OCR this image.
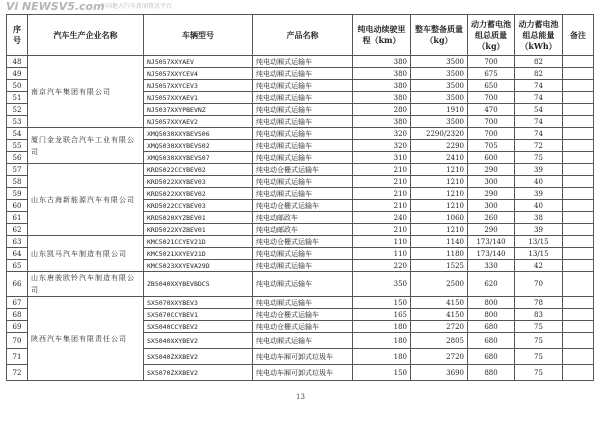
Vi NEWSV5.com
中国地方汽车新闻资讯平台
序号	汽车生产企业名称	车辆型号	产品名称	纯电动续驶里程（km）	整车整备质量（kg）	动力蓄电池组总质量（kg）	动力蓄电池组总能量（kWh）	备注
48	南京汽车集团有限公司	NJ5057XXYAEV	纯电动厢式运输车	380	3500	700	82	
49		NJ5057XXYCEV4	纯电动厢式运输车	380	3500	675	82	
50		NJ5057XXYCEV3	纯电动厢式运输车	380	3500	650	74	
51		NJ5057XXYAEV1	纯电动厢式运输车	380	3500	700	74	
52		NJ5037XXYPBEVNZ	纯电动厢式运输车	280	1910	470	54	
53		NJ5057XXYAEV2	纯电动厢式运输车	380	3500	700	74	
54	厦门金龙联合汽车工业有限公司	XMQ5030XXYBEVS06	纯电动厢式运输车	320	2290/2320	700	74	
55		XMQ5030XXYBEVS02	纯电动厢式运输车	320	2290	705	72	
56		XMQ5030XXYBEVS07	纯电动厢式运输车	310	2410	600	75	
57	山东古海新能源汽车有限公司	KRD5022CCYBEV02	纯电动仓栅式运输车	210	1210	290	39	
58		KRD5022XXYBEV03	纯电动厢式运输车	210	1210	300	40	
59		KRD5022XXYBEV02	纯电动厢式运输车	210	1210	290	39	
60		KRD5022CCYBEV03	纯电动仓栅式运输车	210	1210	300	40	
61		KRD5020XYZBEV01	纯电动邮政车	240	1060	260	38	
62		KRD5022XYZBEV01	纯电动邮政车	210	1210	290	39	
63	山东凯马汽车制造有限公司	KMC5021CCYEV21D	纯电动仓栅式运输车	110	1140	173/140	13/15	
64		KMC5021XXYEV21D	纯电动厢式运输车	110	1180	173/140	13/15	
65		KMC5023XXYEVA29D	纯电动厢式运输车	220	1525	330	42	
66	山东唐骏欧铃汽车制造有限公司	ZB5040XXYBEVBDC5	纯电动厢式运输车	350	2500	620	70	
67	陕西汽车集团有限责任公司	SX5070XXYBEV3	纯电动厢式运输车	150	4150	800	78	
68		SX5070CCYBEV1	纯电动仓栅式运输车	165	4150	800	83	
69		SX5040CCYBEV2	纯电动仓栅式运输车	180	2720	680	75	
70		SX5040XXYBEV2	纯电动厢式运输车	180	2805	680	75	
71		SX5040ZXXBEV2	纯电动车厢可卸式垃圾车	180	2720	680	75	
72		SX5070ZXXBEV2	纯电动车厢可卸式垃圾车	150	3690	880	75	
13
